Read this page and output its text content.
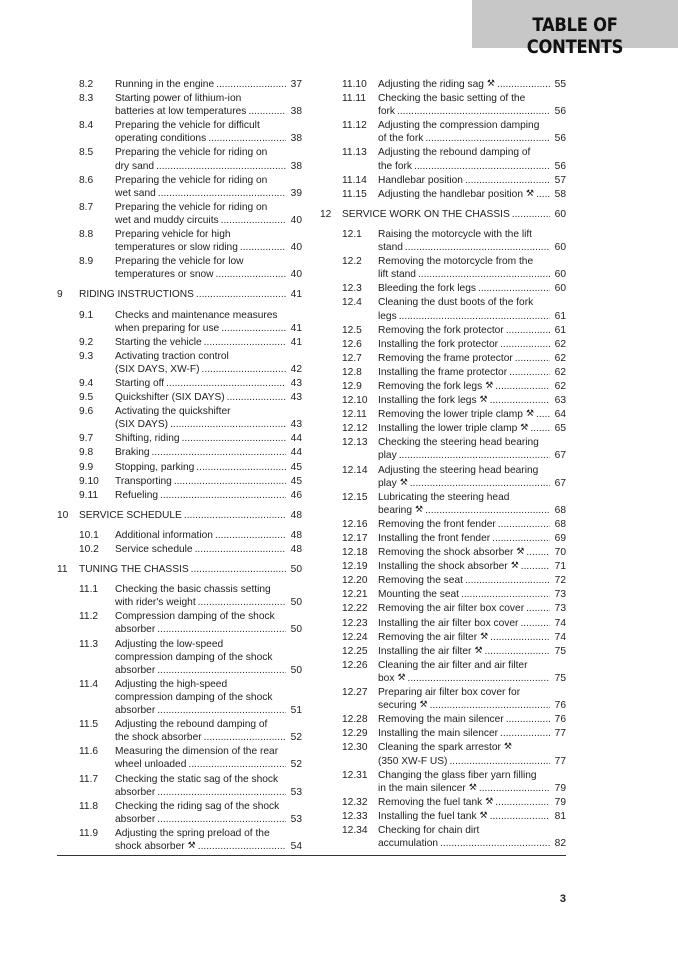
TABLE OF CONTENTS
8.2	Running in the engine .....	37
8.3	Starting power of lithium-ion
batteries at low temperatures .....	38
8.4	Preparing the vehicle for difficult
operating conditions .....	38
8.5	Preparing the vehicle for riding on
dry sand .....	38
8.6	Preparing the vehicle for riding on
wet sand .....	39
8.7	Preparing the vehicle for riding on
wet and muddy circuits .....	40
8.8	Preparing vehicle for high
temperatures or slow riding .....	40
8.9	Preparing the vehicle for low
temperatures or snow .....	40
9	RIDING INSTRUCTIONS .....	41
9.1	Checks and maintenance measures
when preparing for use .....	41
9.2	Starting the vehicle .....	41
9.3	Activating traction control
(SIX DAYS, XW-F) .....	42
9.4	Starting off .....	43
9.5	Quickshifter (SIX DAYS) .....	43
9.6	Activating the quickshifter
(SIX DAYS) .....	43
9.7	Shifting, riding .....	44
9.8	Braking .....	44
9.9	Stopping, parking .....	45
9.10	Transporting .....	45
9.11	Refueling .....	46
10	SERVICE SCHEDULE .....	48
10.1	Additional information .....	48
10.2	Service schedule .....	48
11	TUNING THE CHASSIS .....	50
11.1	Checking the basic chassis setting
with rider's weight .....	50
11.2	Compression damping of the shock
absorber .....	50
11.3	Adjusting the low-speed
compression damping of the shock
absorber .....	50
11.4	Adjusting the high-speed
compression damping of the shock
absorber .....	51
11.5	Adjusting the rebound damping of
the shock absorber .....	52
11.6	Measuring the dimension of the rear
wheel unloaded .....	52
11.7	Checking the static sag of the shock
absorber .....	53
11.8	Checking the riding sag of the shock
absorber .....	53
11.9	Adjusting the spring preload of the
shock absorber ⚒ .....	54
11.10	Adjusting the riding sag ⚒ .....	55
11.11	Checking the basic setting of the
fork .....	56
11.12	Adjusting the compression damping
of the fork .....	56
11.13	Adjusting the rebound damping of
the fork .....	56
11.14	Handlebar position .....	57
11.15	Adjusting the handlebar position ⚒ ..... 58
12	SERVICE WORK ON THE CHASSIS .....	60
12.1	Raising the motorcycle with the lift
stand .....	60
12.2	Removing the motorcycle from the
lift stand .....	60
12.3	Bleeding the fork legs .....	60
12.4	Cleaning the dust boots of the fork
legs .....	61
12.5	Removing the fork protector .....	61
12.6	Installing the fork protector .....	62
12.7	Removing the frame protector .....	62
12.8	Installing the frame protector .....	62
12.9	Removing the fork legs ⚒ .....	62
12.10	Installing the fork legs ⚒ .....	63
12.11	Removing the lower triple clamp ⚒ ..... 64
12.12	Installing the lower triple clamp ⚒ .....	65
12.13	Checking the steering head bearing
play .....	67
12.14	Adjusting the steering head bearing
play ⚒ .....	67
12.15	Lubricating the steering head
bearing ⚒ .....	68
12.16	Removing the front fender .....	68
12.17	Installing the front fender .....	69
12.18	Removing the shock absorber ⚒ .....	70
12.19	Installing the shock absorber ⚒ .....	71
12.20	Removing the seat .....	72
12.21	Mounting the seat .....	73
12.22	Removing the air filter box cover .....	73
12.23	Installing the air filter box cover .....	74
12.24	Removing the air filter ⚒ .....	74
12.25	Installing the air filter ⚒ .....	75
12.26	Cleaning the air filter and air filter
box ⚒ .....	75
12.27	Preparing air filter box cover for
securing ⚒ .....	76
12.28	Removing the main silencer .....	76
12.29	Installing the main silencer .....	77
12.30	Cleaning the spark arrestor ⚒
(350 XW-F US) .....	77
12.31	Changing the glass fiber yarn filling
in the main silencer ⚒ .....	79
12.32	Removing the fuel tank ⚒ .....	79
12.33	Installing the fuel tank ⚒ .....	81
12.34	Checking for chain dirt
accumulation .....	82
3
